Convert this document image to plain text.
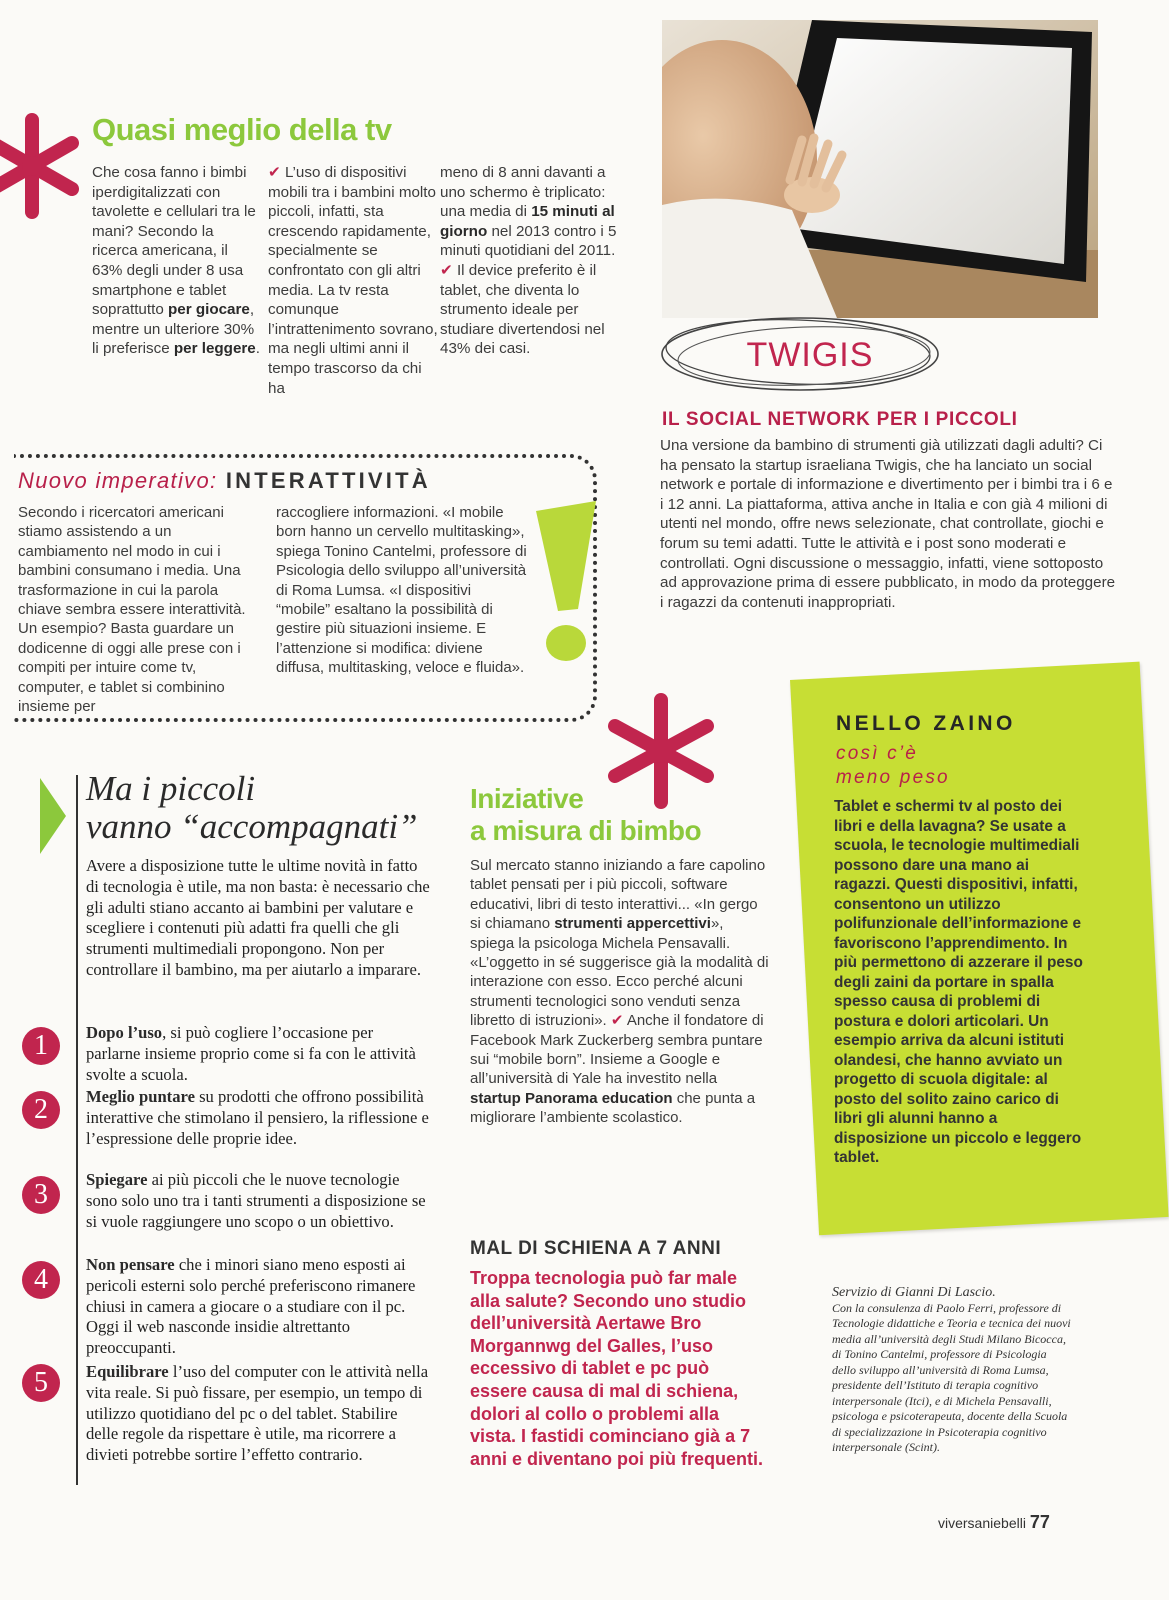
Quasi meglio della tv
Che cosa fanno i bimbi iperdigitalizzati con tavolette e cellulari tra le mani? Secondo la ricerca americana, il 63% degli under 8 usa smartphone e tablet soprattutto per giocare, mentre un ulteriore 30% li preferisce per leggere.
✔ L’uso di dispositivi mobili tra i bambini molto piccoli, infatti, sta crescendo rapidamente, specialmente se confrontato con gli altri media. La tv resta comunque l’intrattenimento sovrano, ma negli ultimi anni il tempo trascorso da chi ha
meno di 8 anni davanti a uno schermo è triplicato: una media di 15 minuti al giorno nel 2013 contro i 5 minuti quotidiani del 2011. ✔ Il device preferito è il tablet, che diventa lo strumento ideale per studiare divertendosi nel 43% dei casi.	TWIGIS
IL SOCIAL NETWORK PER I PICCOLI
Una versione da bambino di strumenti già utilizzati dagli adulti? Ci ha pensato la startup israeliana Twigis, che ha lanciato un social network e portale di informazione e divertimento per i bimbi tra i 6 e i 12 anni. La piattaforma, attiva anche in Italia e con già 4 milioni di utenti nel mondo, offre news selezionate, chat controllate, giochi e forum su temi adatti. Tutte le attività e i post sono moderati e controllati. Ogni discussione o messaggio, infatti, viene sottoposto ad approvazione prima di essere pubblicato, in modo da proteggere i ragazzi da contenuti inappropriati.
Nuovo imperativo: INTERATTIVITÀ
Secondo i ricercatori americani stiamo assistendo a un cambiamento nel modo in cui i bambini consumano i media. Una trasformazione in cui la parola chiave sembra essere interattività. Un esempio? Basta guardare un dodicenne di oggi alle prese con i compiti per intuire come tv, computer, e tablet si combinino insieme per
raccogliere informazioni. «I mobile born hanno un cervello multitasking», spiega Tonino Cantelmi, professore di Psicologia dello sviluppo all’università di Roma Lumsa. «I dispositivi “mobile” esaltano la possibilità di gestire più situazioni insieme. E l’attenzione si modifica: diviene diffusa, multitasking, veloce e fluida».
NELLO ZAINO
così c’è
meno peso
Tablet e schermi tv al posto dei libri e della lavagna? Se usate a scuola, le tecnologie multimediali possono dare una mano ai ragazzi. Questi dispositivi, infatti, consentono un utilizzo polifunzionale dell’informazione e favoriscono l’apprendimento. In più permettono di azzerare il peso degli zaini da portare in spalla spesso causa di problemi di postura e dolori articolari. Un esempio arriva da alcuni istituti olandesi, che hanno avviato un progetto di scuola digitale: al posto del solito zaino carico di libri gli alunni hanno a disposizione un piccolo e leggero tablet.
Ma i piccoli
vanno “accompagnati”
Avere a disposizione tutte le ultime novità in fatto di tecnologia è utile, ma non basta: è necessario che gli adulti stiano accanto ai bambini per valutare e scegliere i contenuti più adatti fra quelli che gli strumenti multimediali propongono. Non per controllare il bambino, ma per aiutarlo a imparare.
1	Dopo l’uso, si può cogliere l’occasione per parlarne insieme proprio come si fa con le attività svolte a scuola.
2	Meglio puntare su prodotti che offrono possibilità interattive che stimolano il pensiero, la riflessione e l’espressione delle proprie idee.
3	Spiegare ai più piccoli che le nuove tecnologie sono solo uno tra i tanti strumenti a disposizione se si vuole raggiungere uno scopo o un obiettivo.
4	Non pensare che i minori siano meno esposti ai pericoli esterni solo perché preferiscono rimanere chiusi in camera a giocare o a studiare con il pc. Oggi il web nasconde insidie altrettanto preoccupanti.
5	Equilibrare l’uso del computer con le attività nella vita reale. Si può fissare, per esempio, un tempo di utilizzo quotidiano del pc o del tablet. Stabilire delle regole da rispettare è utile, ma ricorrere a divieti potrebbe sortire l’effetto contrario.
Iniziative
a misura di bimbo
Sul mercato stanno iniziando a fare capolino tablet pensati per i più piccoli, software educativi, libri di testo interattivi... «In gergo si chiamano strumenti appercettivi», spiega la psicologa Michela Pensavalli. «L’oggetto in sé suggerisce già la modalità di interazione con esso. Ecco perché alcuni strumenti tecnologici sono venduti senza libretto di istruzioni». ✔ Anche il fondatore di Facebook Mark Zuckerberg sembra puntare sui “mobile born”. Insieme a Google e all’università di Yale ha investito nella startup Panorama education che punta a migliorare l’ambiente scolastico.
MAL DI SCHIENA A 7 ANNI
Troppa tecnologia può far male alla salute? Secondo uno studio dell’università Aertawe Bro Morgannwg del Galles, l’uso eccessivo di tablet e pc può essere causa di mal di schiena, dolori al collo o problemi alla vista. I fastidi cominciano già a 7 anni e diventano poi più frequenti.
Servizio di Gianni Di Lascio.
Con la consulenza di Paolo Ferri, professore di Tecnologie didattiche e Teoria e tecnica dei nuovi media all’università degli Studi Milano Bicocca, di Tonino Cantelmi, professore di Psicologia dello sviluppo all’università di Roma Lumsa, presidente dell’Istituto di terapia cognitivo interpersonale (Itci), e di Michela Pensavalli, psicologa e psicoterapeuta, docente della Scuola di specializzazione in Psicoterapia cognitivo interpersonale (Scint).
viversaniebelli 77
